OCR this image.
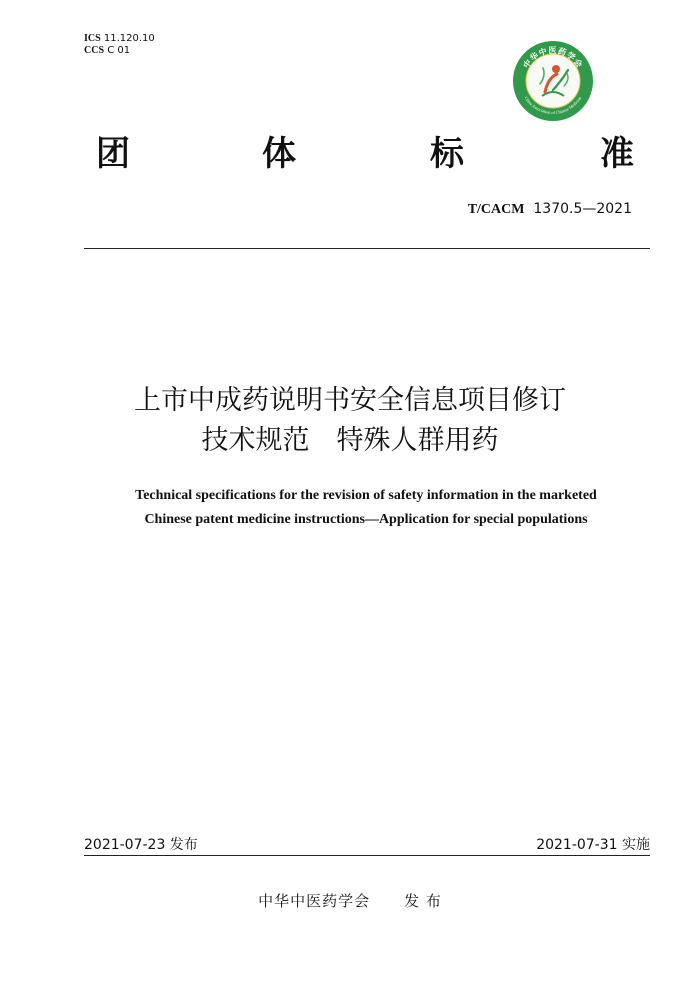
ICS 11.120.10
CCS C 01
中华中医药学会
China Association of Chinese Medicine
团	体	标	准
T/CACM 1370.5—2021
上市中成药说明书安全信息项目修订
技术规范　特殊人群用药
Technical specifications for the revision of safety information in the marketed
Chinese patent medicine instructions—Application for special populations
2021-07-23 发布	2021-07-31 实施
中华中医药学会 发 布
